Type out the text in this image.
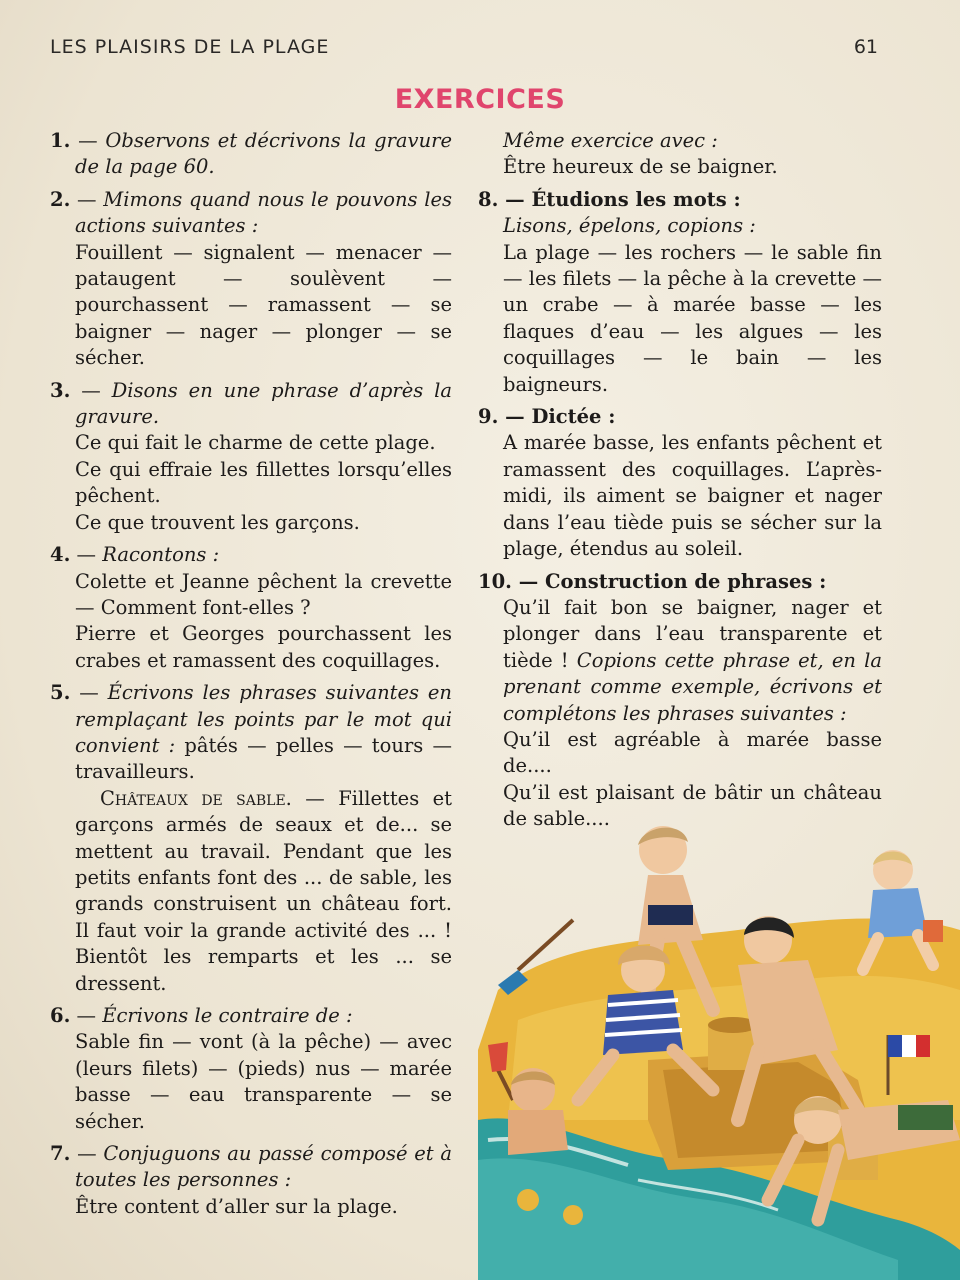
LES PLAISIRS DE LA PLAGE	61
EXERCICES
1. — Observons et décrivons la gravure de la page 60.
2. — Mimons quand nous le pouvons les actions suivantes :
Fouillent — signalent — menacer — pataugent — soulèvent — pourchassent — ramassent — se baigner — nager — plonger — se sécher.
3. — Disons en une phrase d’après la gravure.
Ce qui fait le charme de cette plage.
Ce qui effraie les fillettes lorsqu’elles pêchent.
Ce que trouvent les garçons.
4. — Racontons :
Colette et Jeanne pêchent la crevette — Comment font-elles ?
Pierre et Georges pourchassent les crabes et ramassent des coquillages.
5. — Écrivons les phrases suivantes en remplaçant les points par le mot qui convient : pâtés — pelles — tours — travailleurs.
Châteaux de sable. — Fillettes et garçons armés de seaux et de... se mettent au travail. Pendant que les petits enfants font des ... de sable, les grands construisent un château fort. Il faut voir la grande activité des ... ! Bientôt les remparts et les ... se dressent.
6. — Écrivons le contraire de :
Sable fin — vont (à la pêche) — avec (leurs filets) — (pieds) nus — marée basse — eau transparente — se sécher.
7. — Conjuguons au passé composé et à toutes les personnes :
Être content d’aller sur la plage.
Même exercice avec :
Être heureux de se baigner.
8. — Étudions les mots :
Lisons, épelons, copions :
La plage — les rochers — le sable fin — les filets — la pêche à la crevette — un crabe — à marée basse — les flaques d’eau — les algues — les coquillages — le bain — les baigneurs.
9. — Dictée :
A marée basse, les enfants pêchent et ramassent des coquillages. L’après-midi, ils aiment se baigner et nager dans l’eau tiède puis se sécher sur la plage, étendus au soleil.
10. — Construction de phrases :
Qu’il fait bon se baigner, nager et plonger dans l’eau transparente et tiède ! Copions cette phrase et, en la prenant comme exemple, écrivons et complétons les phrases suivantes :
Qu’il est agréable à marée basse de....
Qu’il est plaisant de bâtir un château de sable....
